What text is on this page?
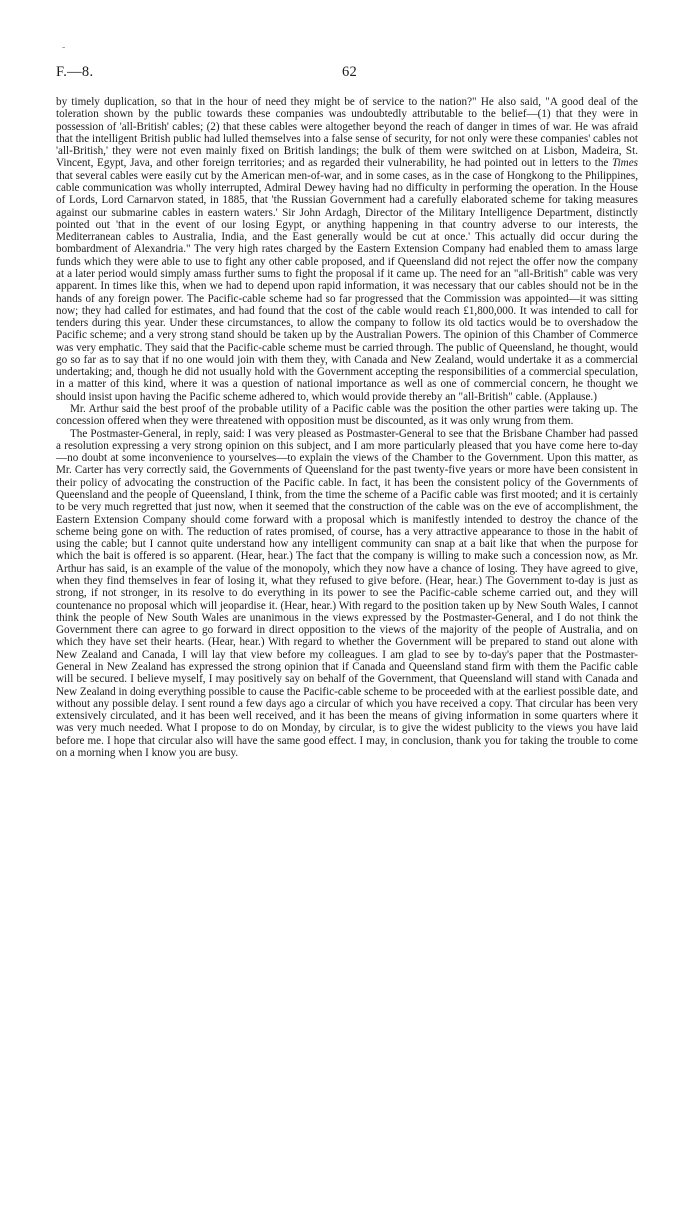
-
F.—8.	62

by timely duplication, so that in the hour of need they might be of service to the nation?" He also said, "A good deal of the toleration shown by the public towards these companies was undoubtedly attributable to the belief—(1) that they were in possession of 'all-British' cables; (2) that these cables were altogether beyond the reach of danger in times of war. He was afraid that the intelligent British public had lulled themselves into a false sense of security, for not only were these companies' cables not 'all-British,' they were not even mainly fixed on British landings; the bulk of them were switched on at Lisbon, Madeira, St. Vincent, Egypt, Java, and other foreign territories; and as regarded their vulnerability, he had pointed out in letters to the Times that several cables were easily cut by the American men-of-war, and in some cases, as in the case of Hongkong to the Philippines, cable communication was wholly interrupted, Admiral Dewey having had no difficulty in performing the operation. In the House of Lords, Lord Carnarvon stated, in 1885, that 'the Russian Government had a carefully elaborated scheme for taking measures against our submarine cables in eastern waters.' Sir John Ardagh, Director of the Military Intelligence Department, distinctly pointed out 'that in the event of our losing Egypt, or anything happening in that country adverse to our interests, the Mediterranean cables to Australia, India, and the East generally would be cut at once.' This actually did occur during the bombardment of Alexandria." The very high rates charged by the Eastern Extension Company had enabled them to amass large funds which they were able to use to fight any other cable proposed, and if Queensland did not reject the offer now the company at a later period would simply amass further sums to fight the proposal if it came up. The need for an "all-British" cable was very apparent. In times like this, when we had to depend upon rapid information, it was necessary that our cables should not be in the hands of any foreign power. The Pacific-cable scheme had so far progressed that the Commission was appointed—it was sitting now; they had called for estimates, and had found that the cost of the cable would reach £1,800,000. It was intended to call for tenders during this year. Under these circumstances, to allow the company to follow its old tactics would be to overshadow the Pacific scheme; and a very strong stand should be taken up by the Australian Powers. The opinion of this Chamber of Commerce was very emphatic. They said that the Pacific-cable scheme must be carried through. The public of Queensland, he thought, would go so far as to say that if no one would join with them they, with Canada and New Zealand, would undertake it as a commercial undertaking; and, though he did not usually hold with the Government accepting the responsibilities of a commercial speculation, in a matter of this kind, where it was a question of national importance as well as one of commercial concern, he thought we should insist upon having the Pacific scheme adhered to, which would provide thereby an "all-British" cable. (Applause.)

Mr. Arthur said the best proof of the probable utility of a Pacific cable was the position the other parties were taking up. The concession offered when they were threatened with opposition must be discounted, as it was only wrung from them.

The Postmaster-General, in reply, said: I was very pleased as Postmaster-General to see that the Brisbane Chamber had passed a resolution expressing a very strong opinion on this subject, and I am more particularly pleased that you have come here to-day—no doubt at some inconvenience to yourselves—to explain the views of the Chamber to the Government. Upon this matter, as Mr. Carter has very correctly said, the Governments of Queensland for the past twenty-five years or more have been consistent in their policy of advocating the construction of the Pacific cable. In fact, it has been the consistent policy of the Governments of Queensland and the people of Queensland, I think, from the time the scheme of a Pacific cable was first mooted; and it is certainly to be very much regretted that just now, when it seemed that the construction of the cable was on the eve of accomplishment, the Eastern Extension Company should come forward with a proposal which is manifestly intended to destroy the chance of the scheme being gone on with. The reduction of rates promised, of course, has a very attractive appearance to those in the habit of using the cable; but I cannot quite understand how any intelligent community can snap at a bait like that when the purpose for which the bait is offered is so apparent. (Hear, hear.) The fact that the company is willing to make such a concession now, as Mr. Arthur has said, is an example of the value of the monopoly, which they now have a chance of losing. They have agreed to give, when they find themselves in fear of losing it, what they refused to give before. (Hear, hear.) The Government to-day is just as strong, if not stronger, in its resolve to do everything in its power to see the Pacific-cable scheme carried out, and they will countenance no proposal which will jeopardise it. (Hear, hear.) With regard to the position taken up by New South Wales, I cannot think the people of New South Wales are unanimous in the views expressed by the Postmaster-General, and I do not think the Government there can agree to go forward in direct opposition to the views of the majority of the people of Australia, and on which they have set their hearts. (Hear, hear.) With regard to whether the Government will be prepared to stand out alone with New Zealand and Canada, I will lay that view before my colleagues. I am glad to see by to-day's paper that the Postmaster-General in New Zealand has expressed the strong opinion that if Canada and Queensland stand firm with them the Pacific cable will be secured. I believe myself, I may positively say on behalf of the Government, that Queensland will stand with Canada and New Zealand in doing everything possible to cause the Pacific-cable scheme to be proceeded with at the earliest possible date, and without any possible delay. I sent round a few days ago a circular of which you have received a copy. That circular has been very extensively circulated, and it has been well received, and it has been the means of giving information in some quarters where it was very much needed. What I propose to do on Monday, by circular, is to give the widest publicity to the views you have laid before me. I hope that circular also will have the same good effect. I may, in conclusion, thank you for taking the trouble to come on a morning when I know you are busy.
